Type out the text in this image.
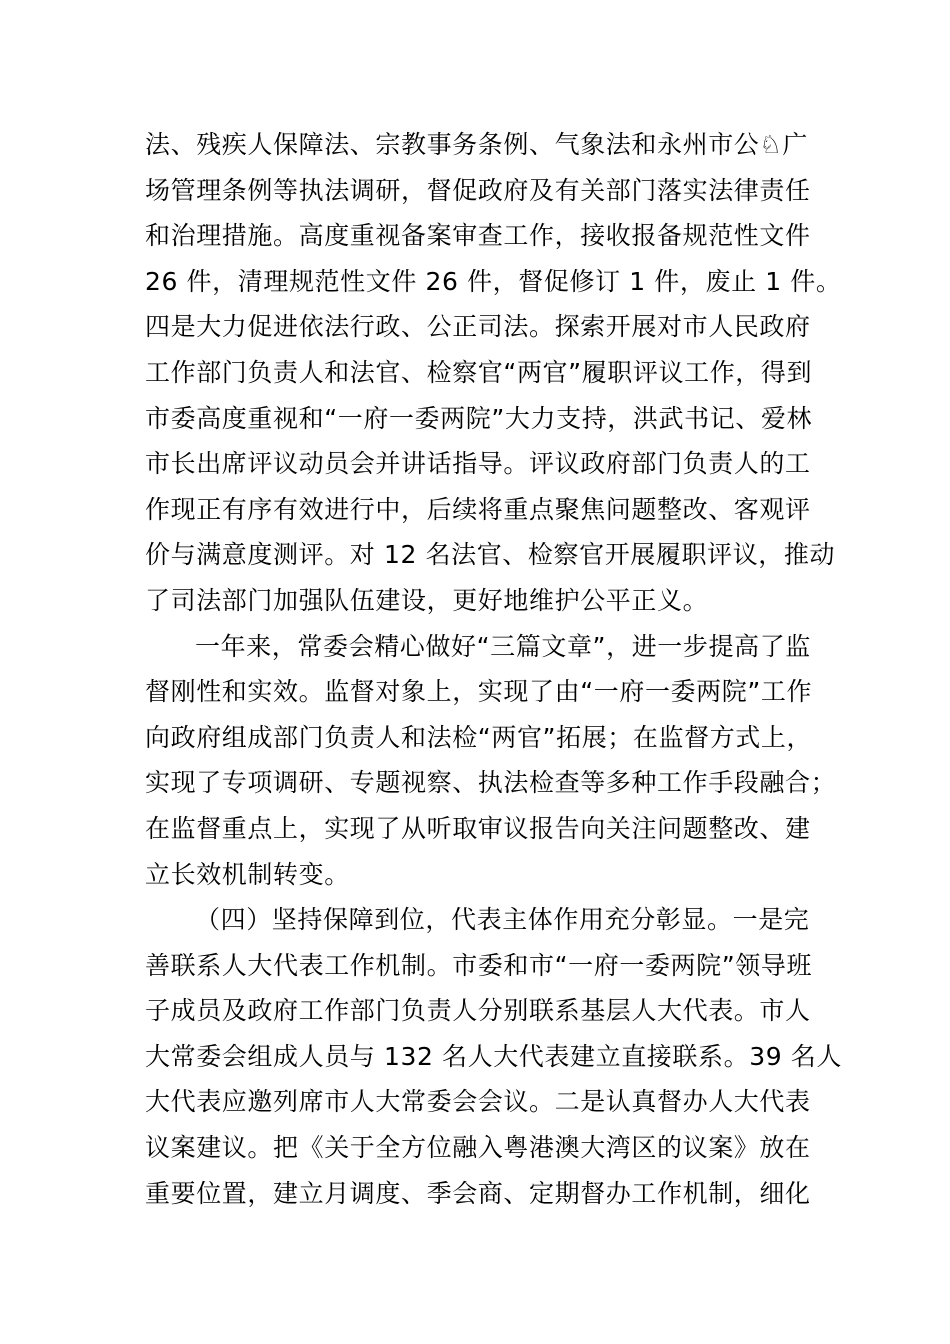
法、残疾人保障法、宗教事务条例、气象法和永州市公♘广
场管理条例等执法调研，督促政府及有关部门落实法律责任
和治理措施。高度重视备案审查工作，接收报备规范性文件
26 件，清理规范性文件 26 件，督促修订 1 件，废止 1 件。
四是大力促进依法行政、公正司法。探索开展对市人民政府
工作部门负责人和法官、检察官“两官”履职评议工作，得到
市委高度重视和“一府一委两院”大力支持，洪武书记、爱林
市长出席评议动员会并讲话指导。评议政府部门负责人的工
作现正有序有效进行中，后续将重点聚焦问题整改、客观评
价与满意度测评。对 12 名法官、检察官开展履职评议，推动
了司法部门加强队伍建设，更好地维护公平正义。
一年来，常委会精心做好“三篇文章”，进一步提高了监
督刚性和实效。监督对象上，实现了由“一府一委两院”工作
向政府组成部门负责人和法检“两官”拓展；在监督方式上，
实现了专项调研、专题视察、执法检查等多种工作手段融合；
在监督重点上，实现了从听取审议报告向关注问题整改、建
立长效机制转变。
（四）坚持保障到位，代表主体作用充分彰显。一是完
善联系人大代表工作机制。市委和市“一府一委两院”领导班
子成员及政府工作部门负责人分别联系基层人大代表。市人
大常委会组成人员与 132 名人大代表建立直接联系。39 名人
大代表应邀列席市人大常委会会议。二是认真督办人大代表
议案建议。把《关于全方位融入粤港澳大湾区的议案》放在
重要位置，建立月调度、季会商、定期督办工作机制，细化
